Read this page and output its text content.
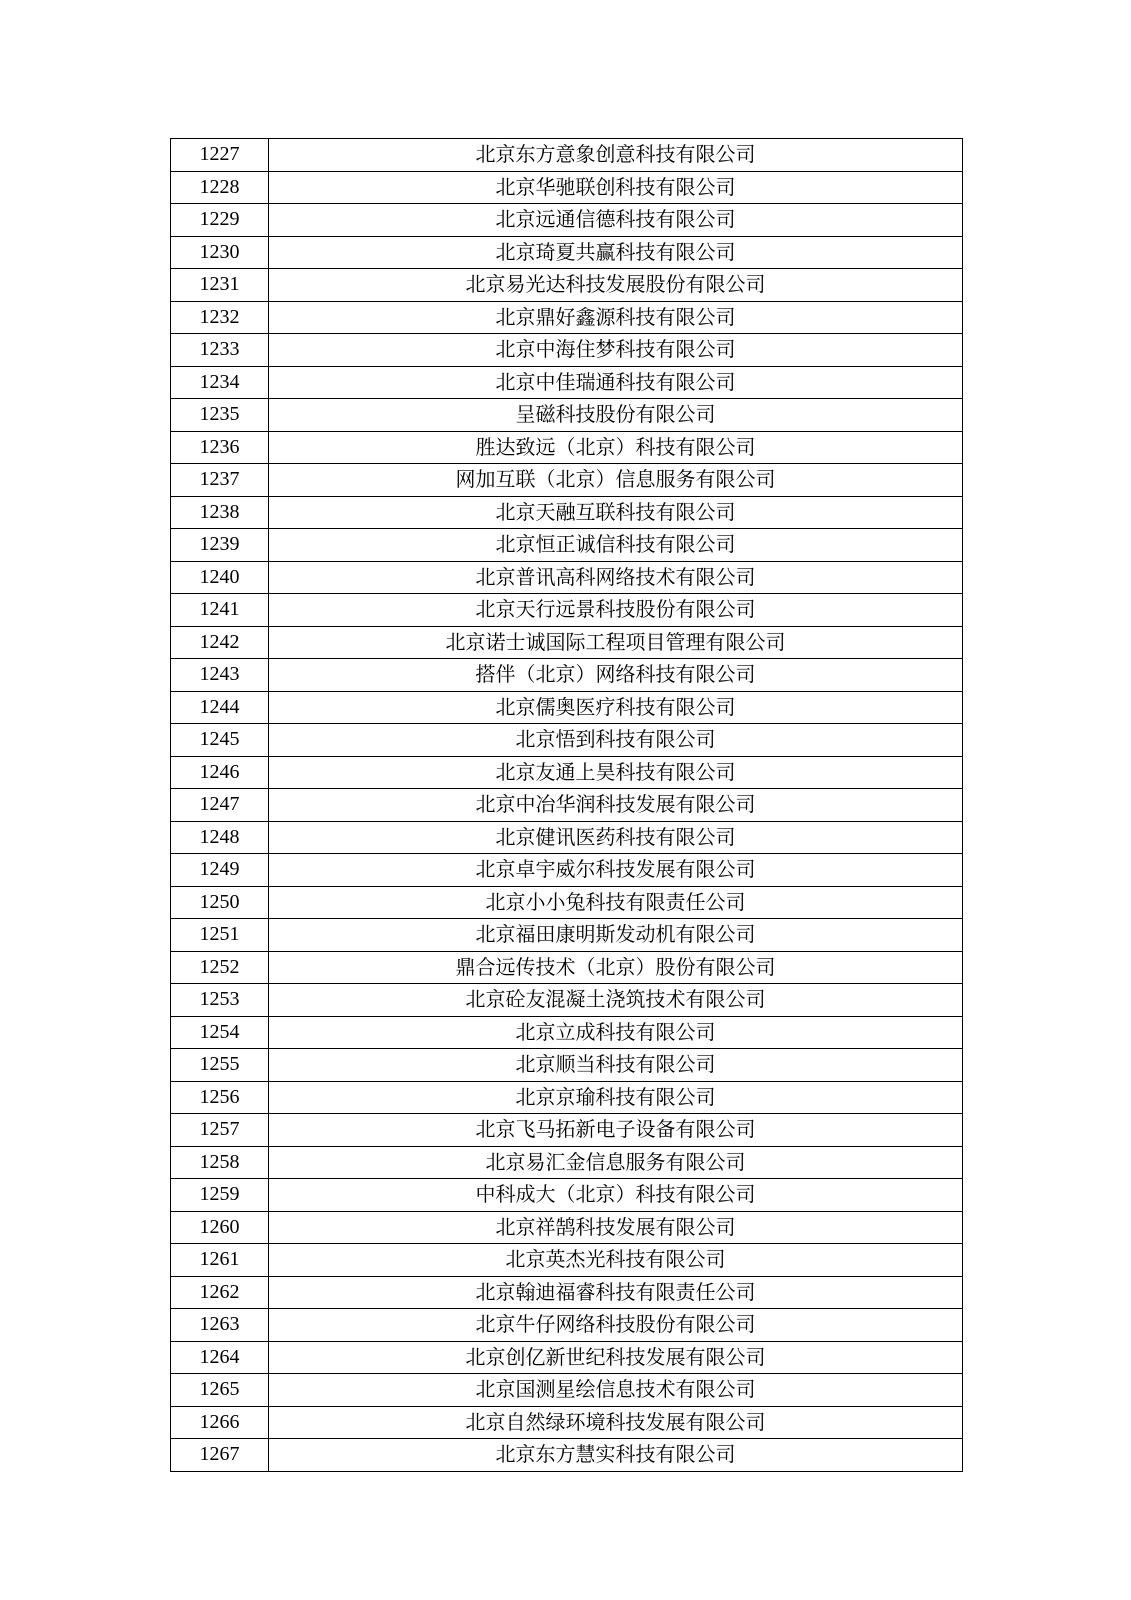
1227	北京东方意象创意科技有限公司
1228	北京华驰联创科技有限公司
1229	北京远通信德科技有限公司
1230	北京琦夏共赢科技有限公司
1231	北京易光达科技发展股份有限公司
1232	北京鼎好鑫源科技有限公司
1233	北京中海住梦科技有限公司
1234	北京中佳瑞通科技有限公司
1235	呈磁科技股份有限公司
1236	胜达致远（北京）科技有限公司
1237	网加互联（北京）信息服务有限公司
1238	北京天融互联科技有限公司
1239	北京恒正诚信科技有限公司
1240	北京普讯高科网络技术有限公司
1241	北京天行远景科技股份有限公司
1242	北京诺士诚国际工程项目管理有限公司
1243	搭伴（北京）网络科技有限公司
1244	北京儒奥医疗科技有限公司
1245	北京悟到科技有限公司
1246	北京友通上昊科技有限公司
1247	北京中冶华润科技发展有限公司
1248	北京健讯医药科技有限公司
1249	北京卓宇威尔科技发展有限公司
1250	北京小小兔科技有限责任公司
1251	北京福田康明斯发动机有限公司
1252	鼎合远传技术（北京）股份有限公司
1253	北京砼友混凝土浇筑技术有限公司
1254	北京立成科技有限公司
1255	北京顺当科技有限公司
1256	北京京瑜科技有限公司
1257	北京飞马拓新电子设备有限公司
1258	北京易汇金信息服务有限公司
1259	中科成大（北京）科技有限公司
1260	北京祥鹄科技发展有限公司
1261	北京英杰光科技有限公司
1262	北京翰迪福睿科技有限责任公司
1263	北京牛仔网络科技股份有限公司
1264	北京创亿新世纪科技发展有限公司
1265	北京国测星绘信息技术有限公司
1266	北京自然绿环境科技发展有限公司
1267	北京东方慧实科技有限公司
